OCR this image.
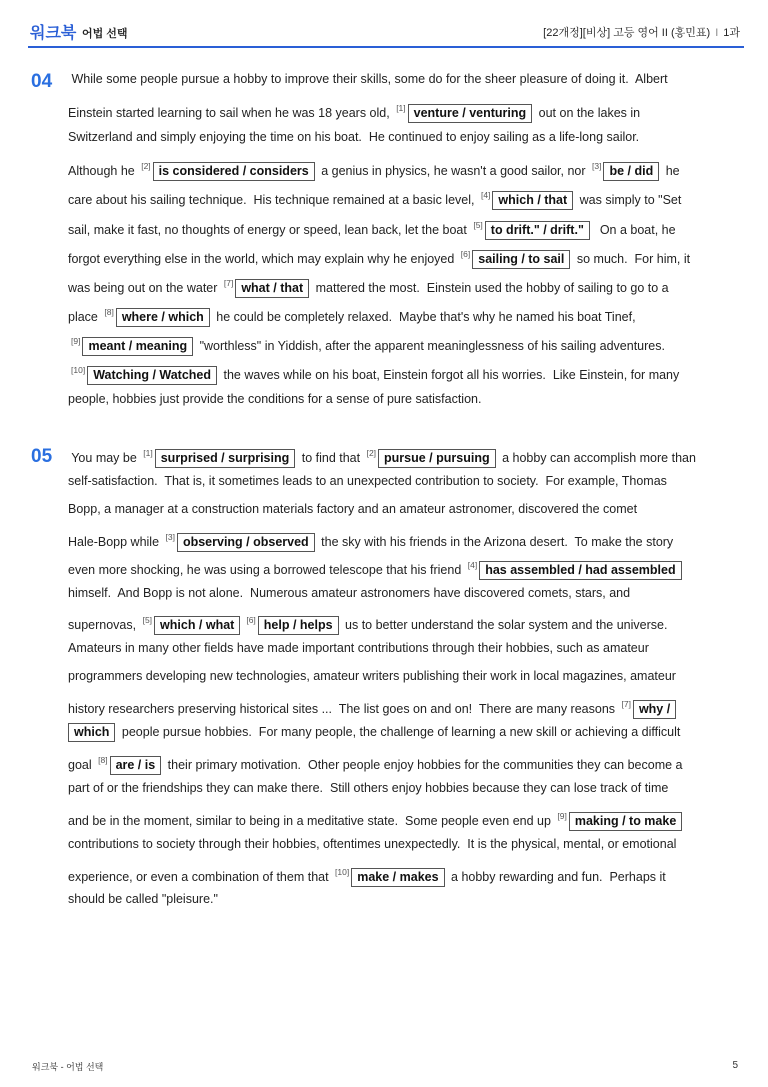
워크북 어법 선택	[22개정][비상] 고등 영어 II (홍민표) I 1과
04 While some people pursue a hobby to improve their skills, some do for the sheer pleasure of doing it.  Albert
Einstein started learning to sail when he was 18 years old, [1] venture / venturing out on the lakes in
Switzerland and simply enjoying the time on his boat.  He continued to enjoy sailing as a life-long sailor.
Although he [2] is considered / considers a genius in physics, he wasn't a good sailor, nor [3] be / did he
care about his sailing technique.  His technique remained at a basic level, [4] which / that was simply to "Set
sail, make it fast, no thoughts of energy or speed, lean back, let the boat [5] to drift." / drift."  On a boat, he
forgot everything else in the world, which may explain why he enjoyed [6] sailing / to sail so much.  For him, it
was being out on the water [7] what / that mattered the most.  Einstein used the hobby of sailing to go to a
place [8] where / which he could be completely relaxed.  Maybe that's why he named his boat Tinef,
[9] meant / meaning "worthless" in Yiddish, after the apparent meaninglessness of his sailing adventures.
[10] Watching / Watched the waves while on his boat, Einstein forgot all his worries.  Like Einstein, for many
people, hobbies just provide the conditions for a sense of pure satisfaction.
05 You may be [1] surprised / surprising to find that [2] pursue / pursuing a hobby can accomplish more than
self-satisfaction.  That is, it sometimes leads to an unexpected contribution to society.  For example, Thomas
Bopp, a manager at a construction materials factory and an amateur astronomer, discovered the comet
Hale-Bopp while [3] observing / observed the sky with his friends in the Arizona desert.  To make the story
even more shocking, he was using a borrowed telescope that his friend [4] has assembled / had assembled
himself.  And Bopp is not alone.  Numerous amateur astronomers have discovered comets, stars, and
supernovas, [5] which / what [6] help / helps us to better understand the solar system and the universe.
Amateurs in many other fields have made important contributions through their hobbies, such as amateur
programmers developing new technologies, amateur writers publishing their work in local magazines, amateur
history researchers preserving historical sites ...  The list goes on and on!  There are many reasons [7] why /
which people pursue hobbies.  For many people, the challenge of learning a new skill or achieving a difficult
goal [8] are / is their primary motivation.  Other people enjoy hobbies for the communities they can become a
part of or the friendships they can make there.  Still others enjoy hobbies because they can lose track of time
and be in the moment, similar to being in a meditative state.  Some people even end up [9] making / to make
contributions to society through their hobbies, oftentimes unexpectedly.  It is the physical, mental, or emotional
experience, or even a combination of them that [10] make / makes a hobby rewarding and fun.  Perhaps it
should be called "pleisure."
워크북 - 어법 선택	5
